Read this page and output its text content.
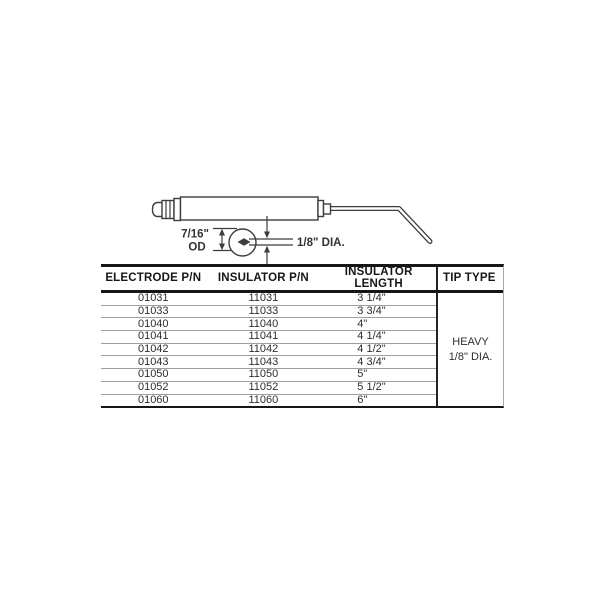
7/16"
OD	1/8" DIA.
ELECTRODE P/N	INSULATOR P/N	INSULATOR LENGTH	TIP TYPE
01031	11031	3 1/4"	HEAVY
1/8" DIA.

01033	11033	3 3/4"	
01040	11040	4"	
01041	11041	4 1/4"	
01042	11042	4 1/2"	
01043	11043	4 3/4"	
01050	11050	5"	
01052	11052	5 1/2"	
01060	11060	6"	
